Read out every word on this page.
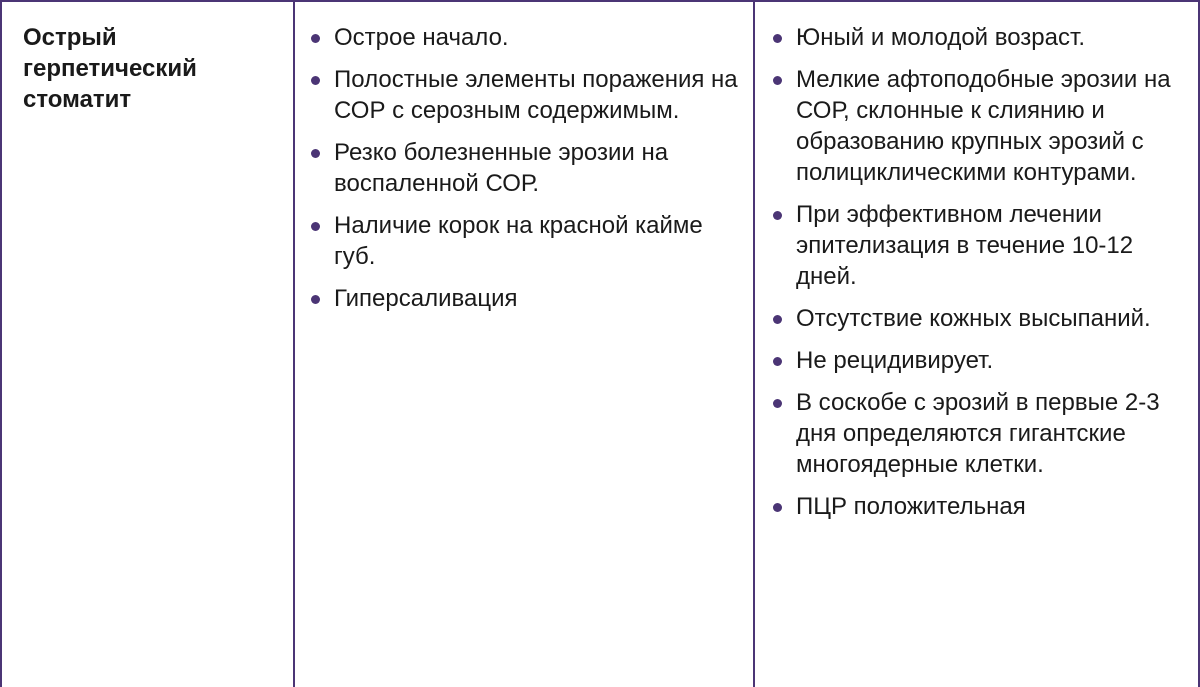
Острый герпетический стоматит

Острое начало.
Полостные элементы поражения на СОР с серозным содержимым.
Резко болезненные эрозии на воспаленной СОР.
Наличие корок на красной кайме губ.
Гиперсаливация
Юный и молодой возраст.
Мелкие афтоподобные эрозии на СОР, склонные к слиянию и образованию крупных эрозий с полициклическими контурами.
При эффективном лечении эпителизация в течение 10-12 дней.
Отсутствие кожных высыпаний.
Не рецидивирует.
В соскобе с эрозий в первые 2-3 дня определяются гигантские многоядерные клетки.
ПЦР положительная
